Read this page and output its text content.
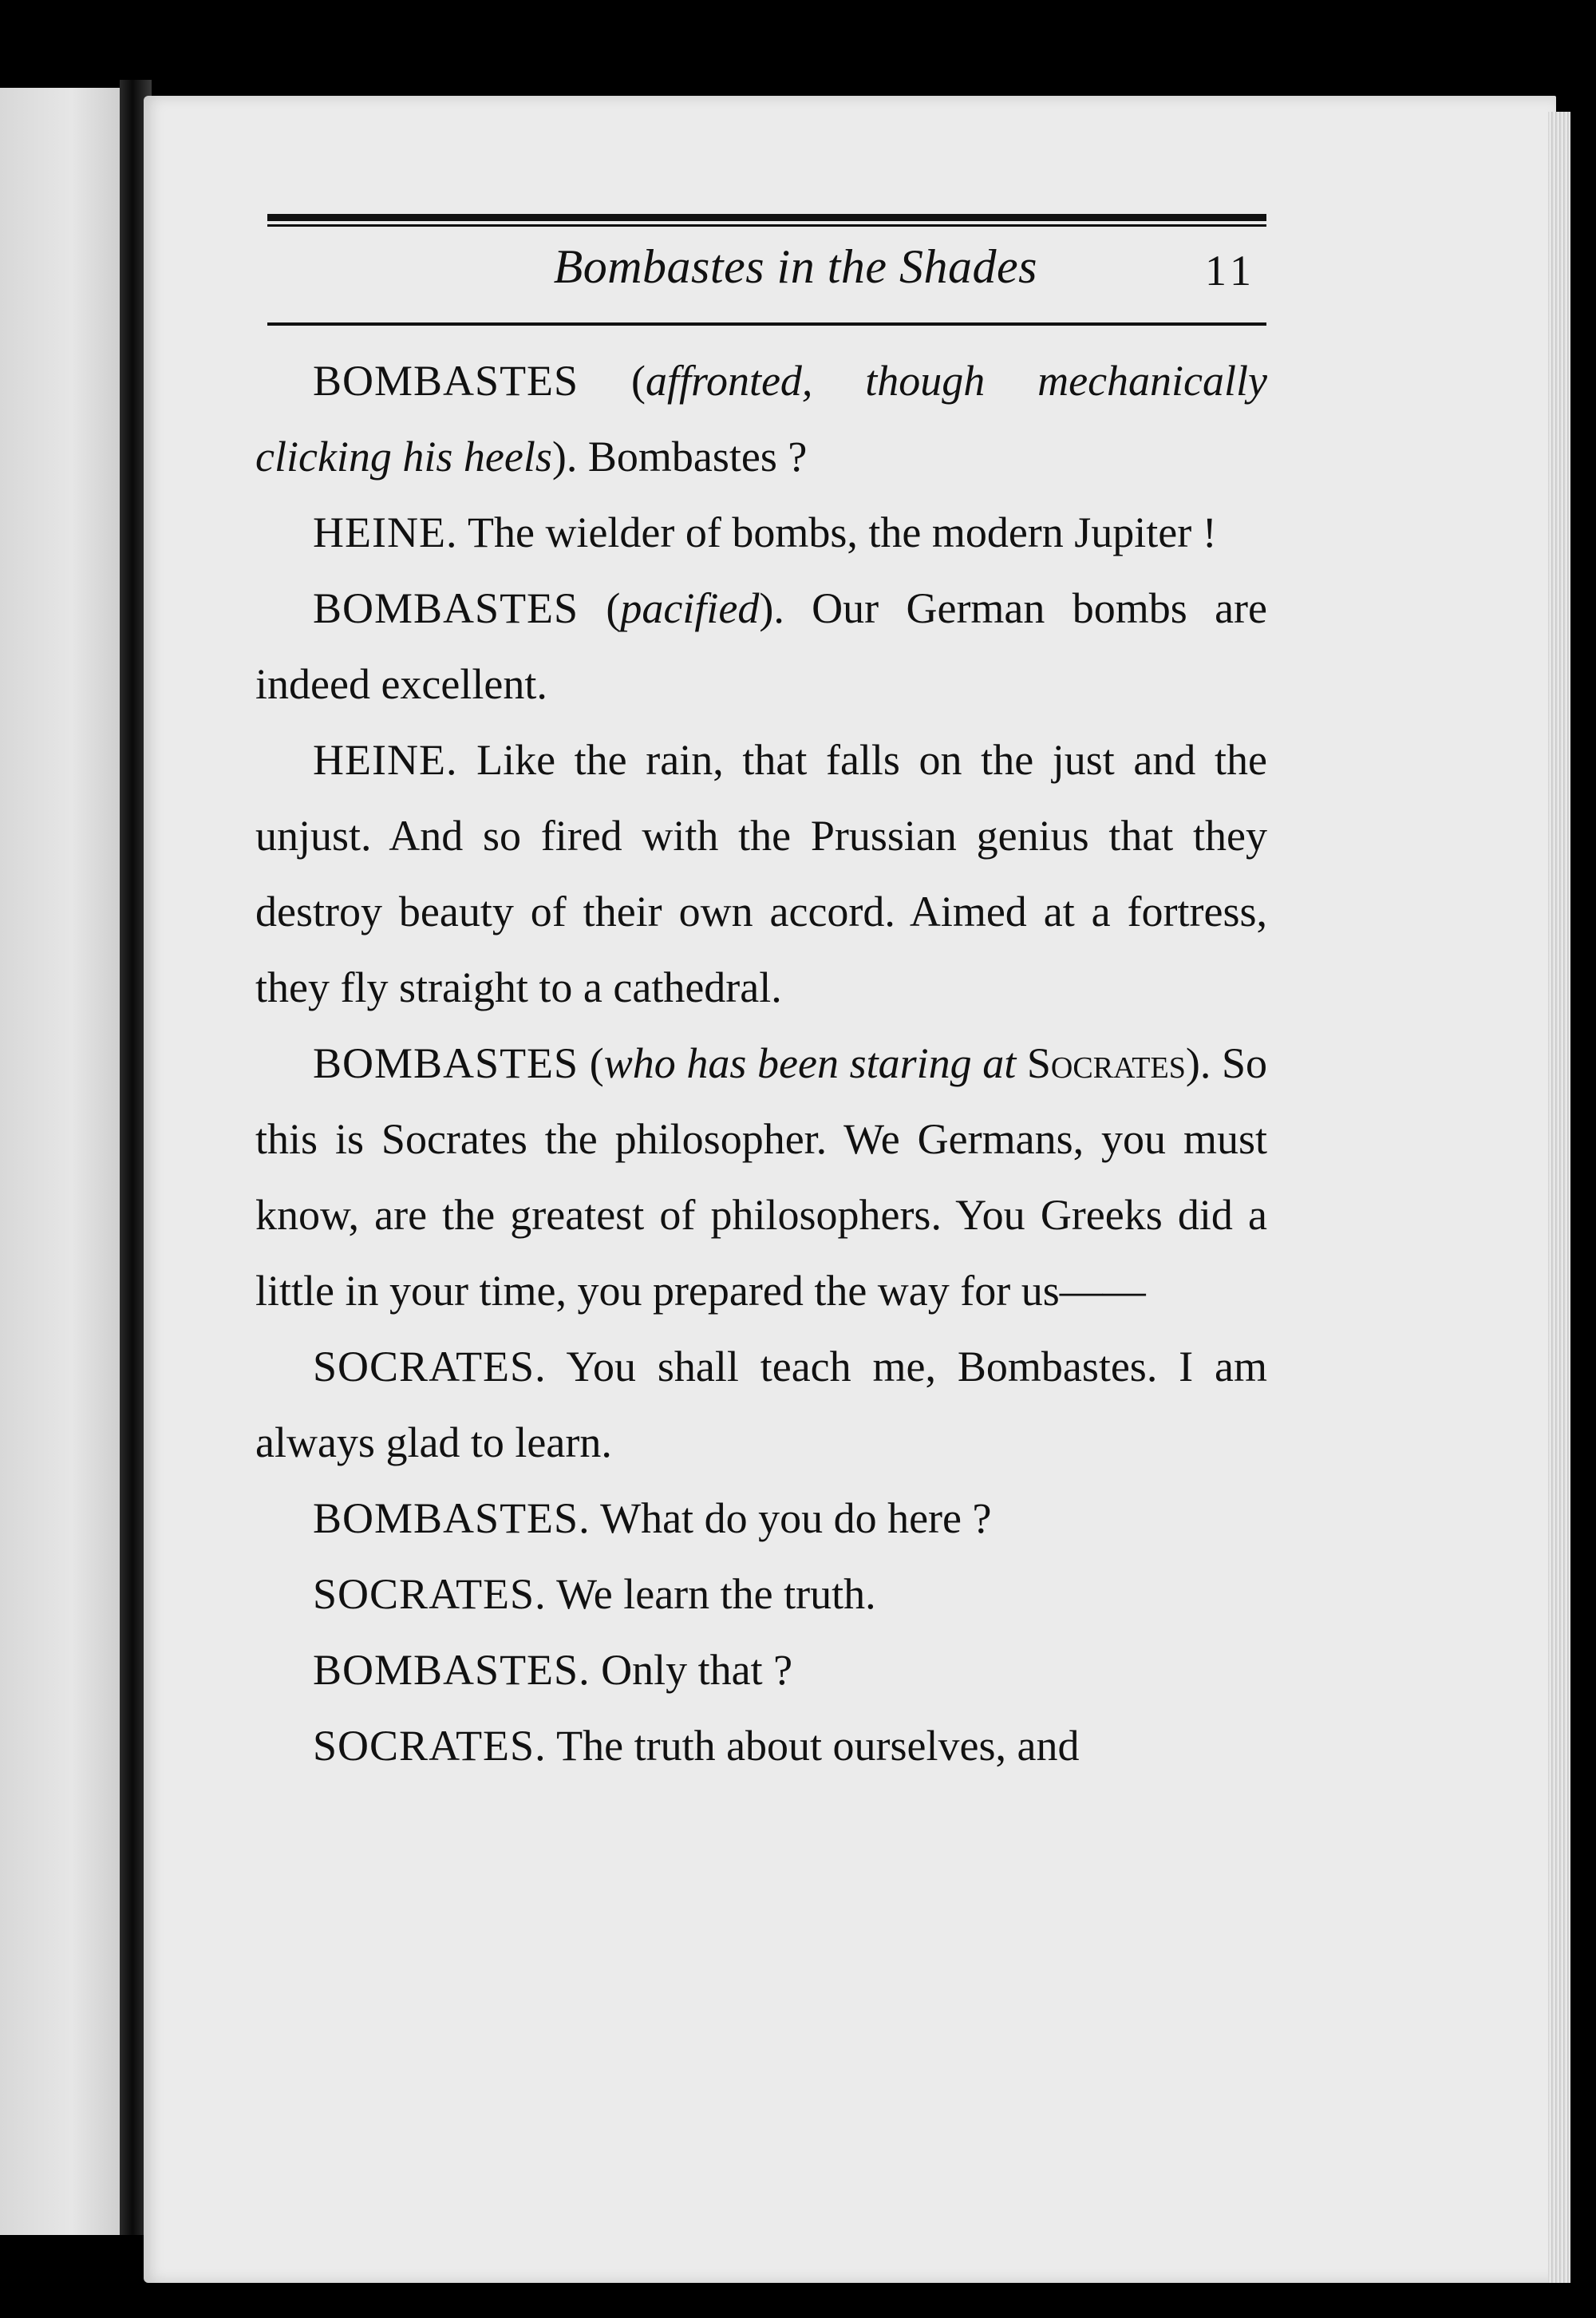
Bombastes in the Shades	11

BOMBASTES (affronted, though mechanically clicking his heels). Bombastes ?

HEINE. The wielder of bombs, the modern Jupiter !

BOMBASTES (pacified). Our German bombs are indeed excellent.

HEINE. Like the rain, that falls on the just and the unjust. And so fired with the Prussian genius that they destroy beauty of their own accord. Aimed at a fortress, they fly straight to a cathedral.

BOMBASTES (who has been staring at Socrates). So this is Socrates the philosopher. We Germans, you must know, are the greatest of philosophers. You Greeks did a little in your time, you prepared the way for us——

SOCRATES. You shall teach me, Bombastes. I am always glad to learn.

BOMBASTES. What do you do here ?

SOCRATES. We learn the truth.

BOMBASTES. Only that ?

SOCRATES. The truth about ourselves, and
